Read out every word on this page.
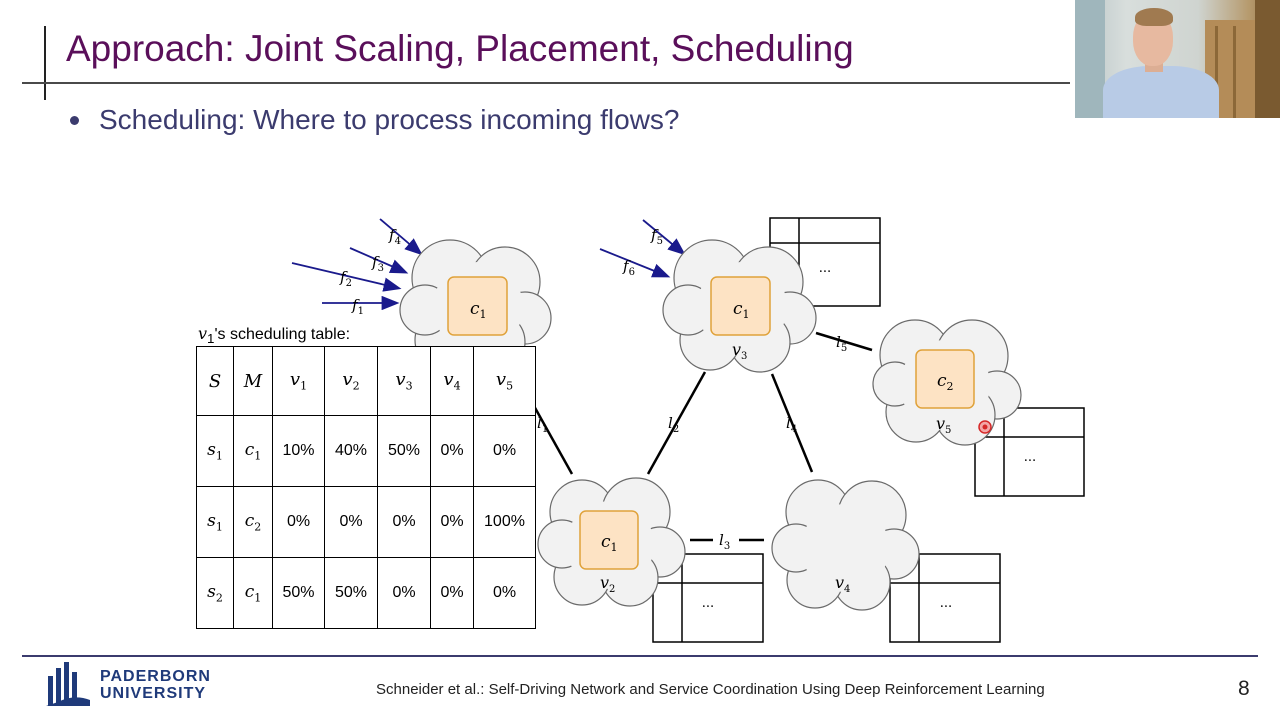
Approach: Joint Scaling, Placement, Scheduling
Scheduling: Where to process incoming flows?
...
...
...	...
$l_1$	$l_2$
$l_3$
$l_4$
$l_5$
$f_1$
$f_2$
$f_3$
$f_4$	$f_5$
$f_6$
$c_1$	$c_1$
$c_2$
$c_1$
$v_2$
$v_3$
$v_4$
$v_5$
$v_1's$ scheduling table:
S	M	$v_1$	$v_2$	$v_3$	$v_4$	$v_5$
$s_1$	$c_1$	10%	40%	50%	0%	0%
$s_1$	$c_2$	0%	0%	0%	0%	100%
$s_2$	$c_1$	50%	50%	0%	0%	0%
PADERBORN
UNIVERSITY	Schneider et al.: Self-Driving Network and Service Coordination Using Deep Reinforcement Learning	8
